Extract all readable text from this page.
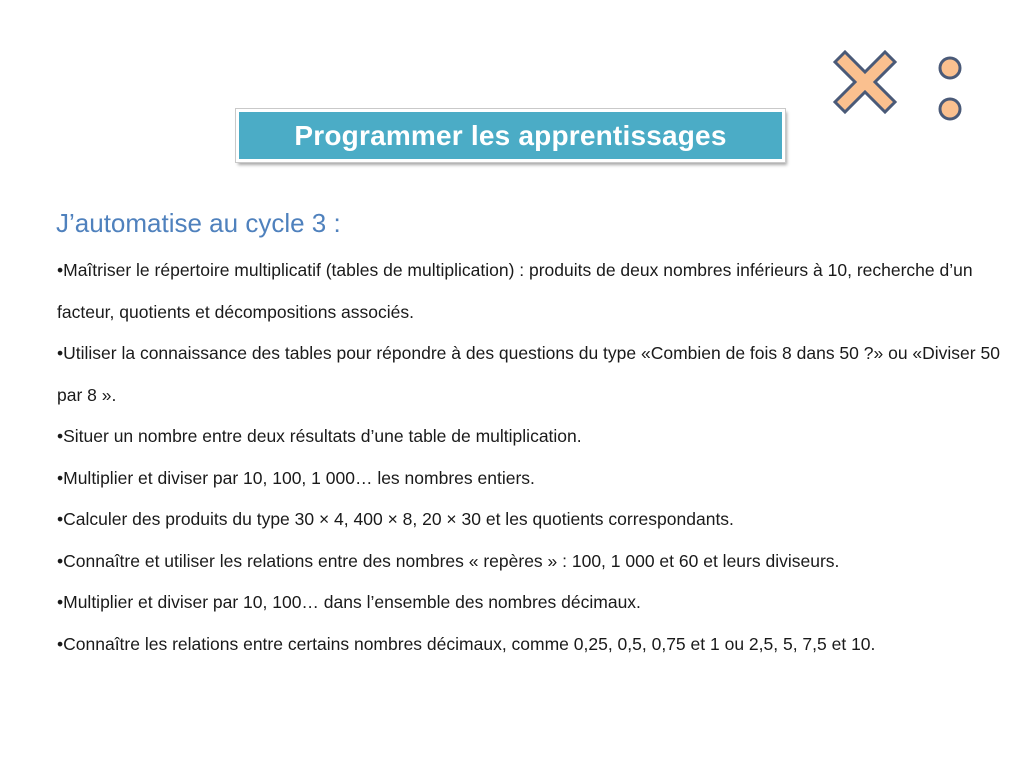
Programmer les apprentissages
J’automatise au cycle 3 :
•Maîtriser le répertoire multiplicatif (tables de multiplication) : produits de deux nombres inférieurs à 10, recherche d’un facteur, quotients et décompositions associés.
•Utiliser la connaissance des tables pour répondre à des questions du type «Combien de fois 8 dans 50 ?» ou «Diviser 50 par 8 ».
•Situer un nombre entre deux résultats d’une table de multiplication.
•Multiplier et diviser par 10, 100, 1 000… les nombres entiers.
•Calculer des produits du type 30 × 4, 400 × 8, 20 × 30 et les quotients correspondants.
•Connaître et utiliser les relations entre des nombres « repères » : 100, 1 000 et 60 et leurs diviseurs.
•Multiplier et diviser par 10, 100… dans l’ensemble des nombres décimaux.
•Connaître les relations entre certains nombres décimaux, comme 0,25, 0,5, 0,75 et 1 ou 2,5, 5, 7,5 et 10.
